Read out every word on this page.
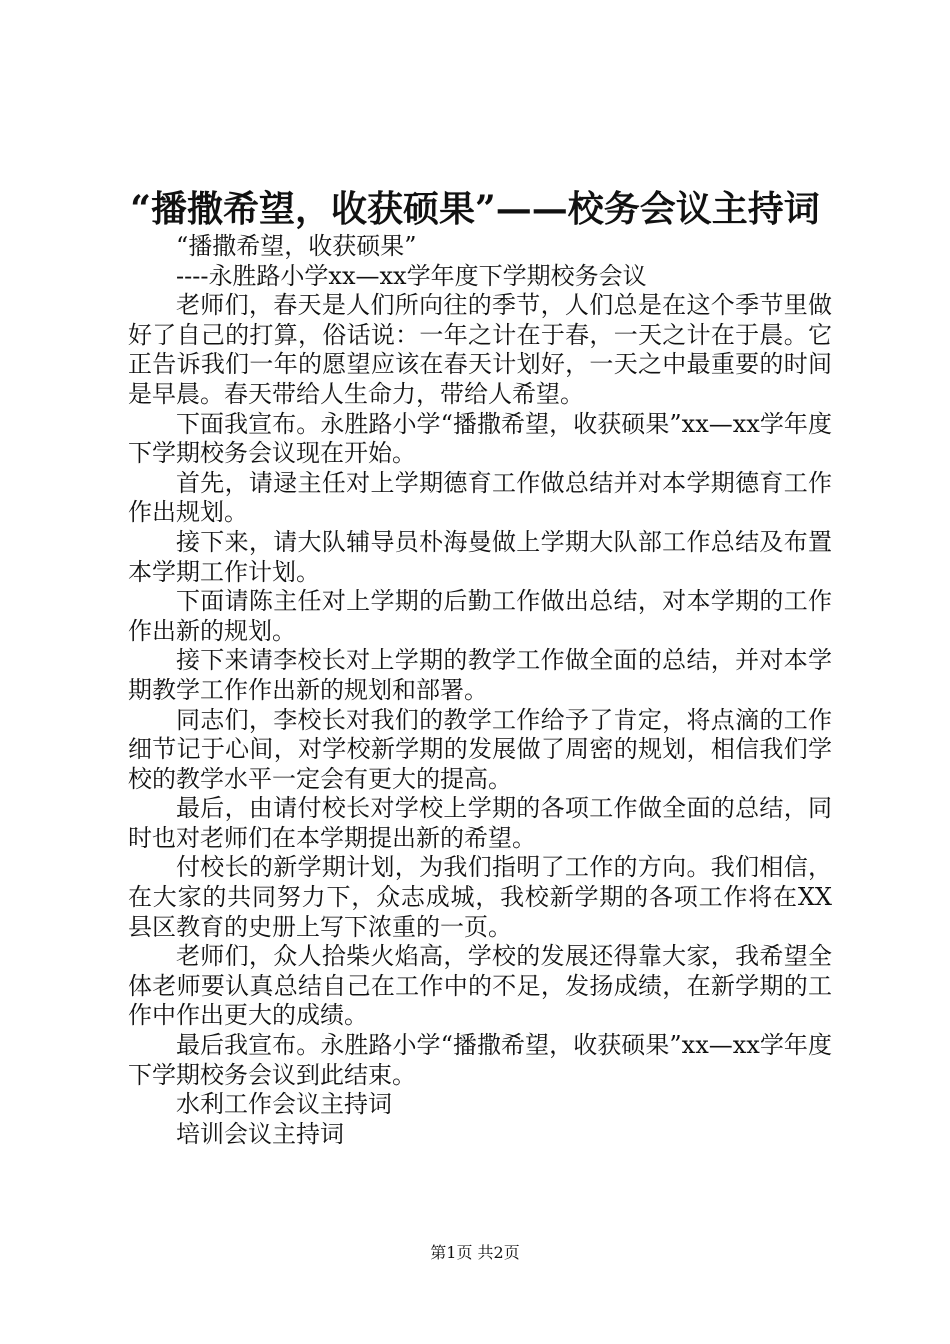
“播撒希望，收获硕果”——校务会议主持词

“播撒希望，收获硕果”

----永胜路小学xx—xx学年度下学期校务会议

老师们，春天是人们所向往的季节，人们总是在这个季节里做好了自己的打算，俗话说：一年之计在于春，一天之计在于晨。它正告诉我们一年的愿望应该在春天计划好，一天之中最重要的时间是早晨。春天带给人生命力，带给人希望。

下面我宣布。永胜路小学“播撒希望，收获硕果”xx—xx学年度下学期校务会议现在开始。

首先，请逯主任对上学期德育工作做总结并对本学期德育工作作出规划。

接下来，请大队辅导员朴海曼做上学期大队部工作总结及布置本学期工作计划。

下面请陈主任对上学期的后勤工作做出总结，对本学期的工作作出新的规划。

接下来请李校长对上学期的教学工作做全面的总结，并对本学期教学工作作出新的规划和部署。

同志们，李校长对我们的教学工作给予了肯定，将点滴的工作细节记于心间，对学校新学期的发展做了周密的规划，相信我们学校的教学水平一定会有更大的提高。

最后，由请付校长对学校上学期的各项工作做全面的总结，同时也对老师们在本学期提出新的希望。

付校长的新学期计划，为我们指明了工作的方向。我们相信，在大家的共同努力下，众志成城，我校新学期的各项工作将在XX县区教育的史册上写下浓重的一页。

老师们，众人拾柴火焰高，学校的发展还得靠大家，我希望全体老师要认真总结自己在工作中的不足，发扬成绩，在新学期的工作中作出更大的成绩。

最后我宣布。永胜路小学“播撒希望，收获硕果”xx—xx学年度下学期校务会议到此结束。

水利工作会议主持词

培训会议主持词

第1页 共2页
